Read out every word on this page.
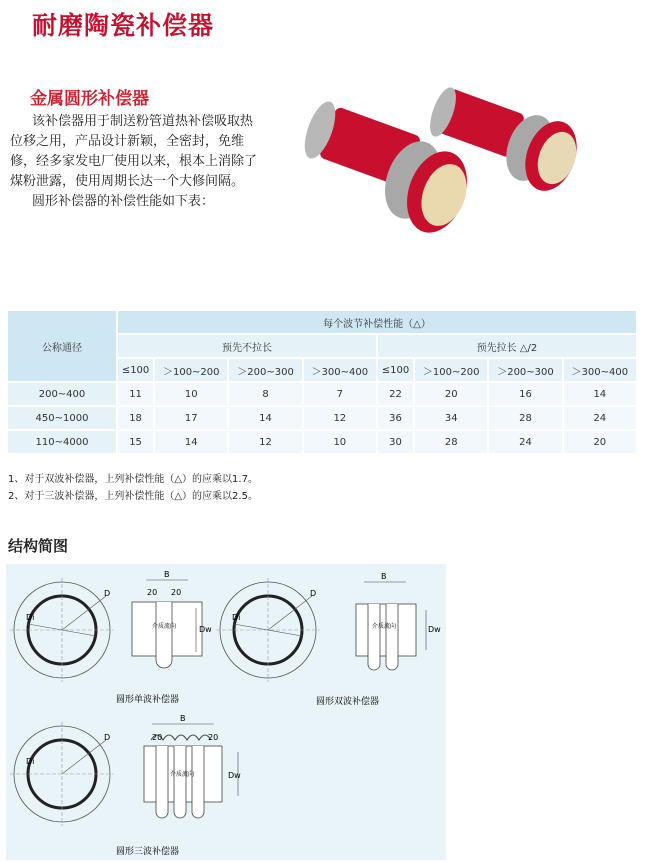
耐磨陶瓷补偿器
金属圆形补偿器

该补偿器用于制送粉管道热补偿吸取热位移之用，产品设计新颖，全密封，免维修，经多家发电厂使用以来，根本上消除了煤粉泄露，使用周期长达一个大修间隔。

圆形补偿器的补偿性能如下表：

公称通径	每个波节补偿性能（△）							
	预先不拉长				预先拉长 △/2			
	≤100	＞100~200	＞200~300	＞300~400	≤100	＞100~200	＞200~300	＞300~400
200~400	11	10	8	7	22	20	16	14
450~1000	18	17	14	12	36	34	28	24
110~4000	15	14	12	10	30	28	24	20
1、对于双波补偿器，上列补偿性能（△）的应乘以1.7。
2、对于三波补偿器，上列补偿性能（△）的应乘以2.5。
结构简图
Di
D
B
20 20
介质流向	Dw
圆形单波补偿器
Di
D
B
介质流向	Dw
圆形双波补偿器
Di
D
B
20	20
介质流向	Dw
圆形三波补偿器
